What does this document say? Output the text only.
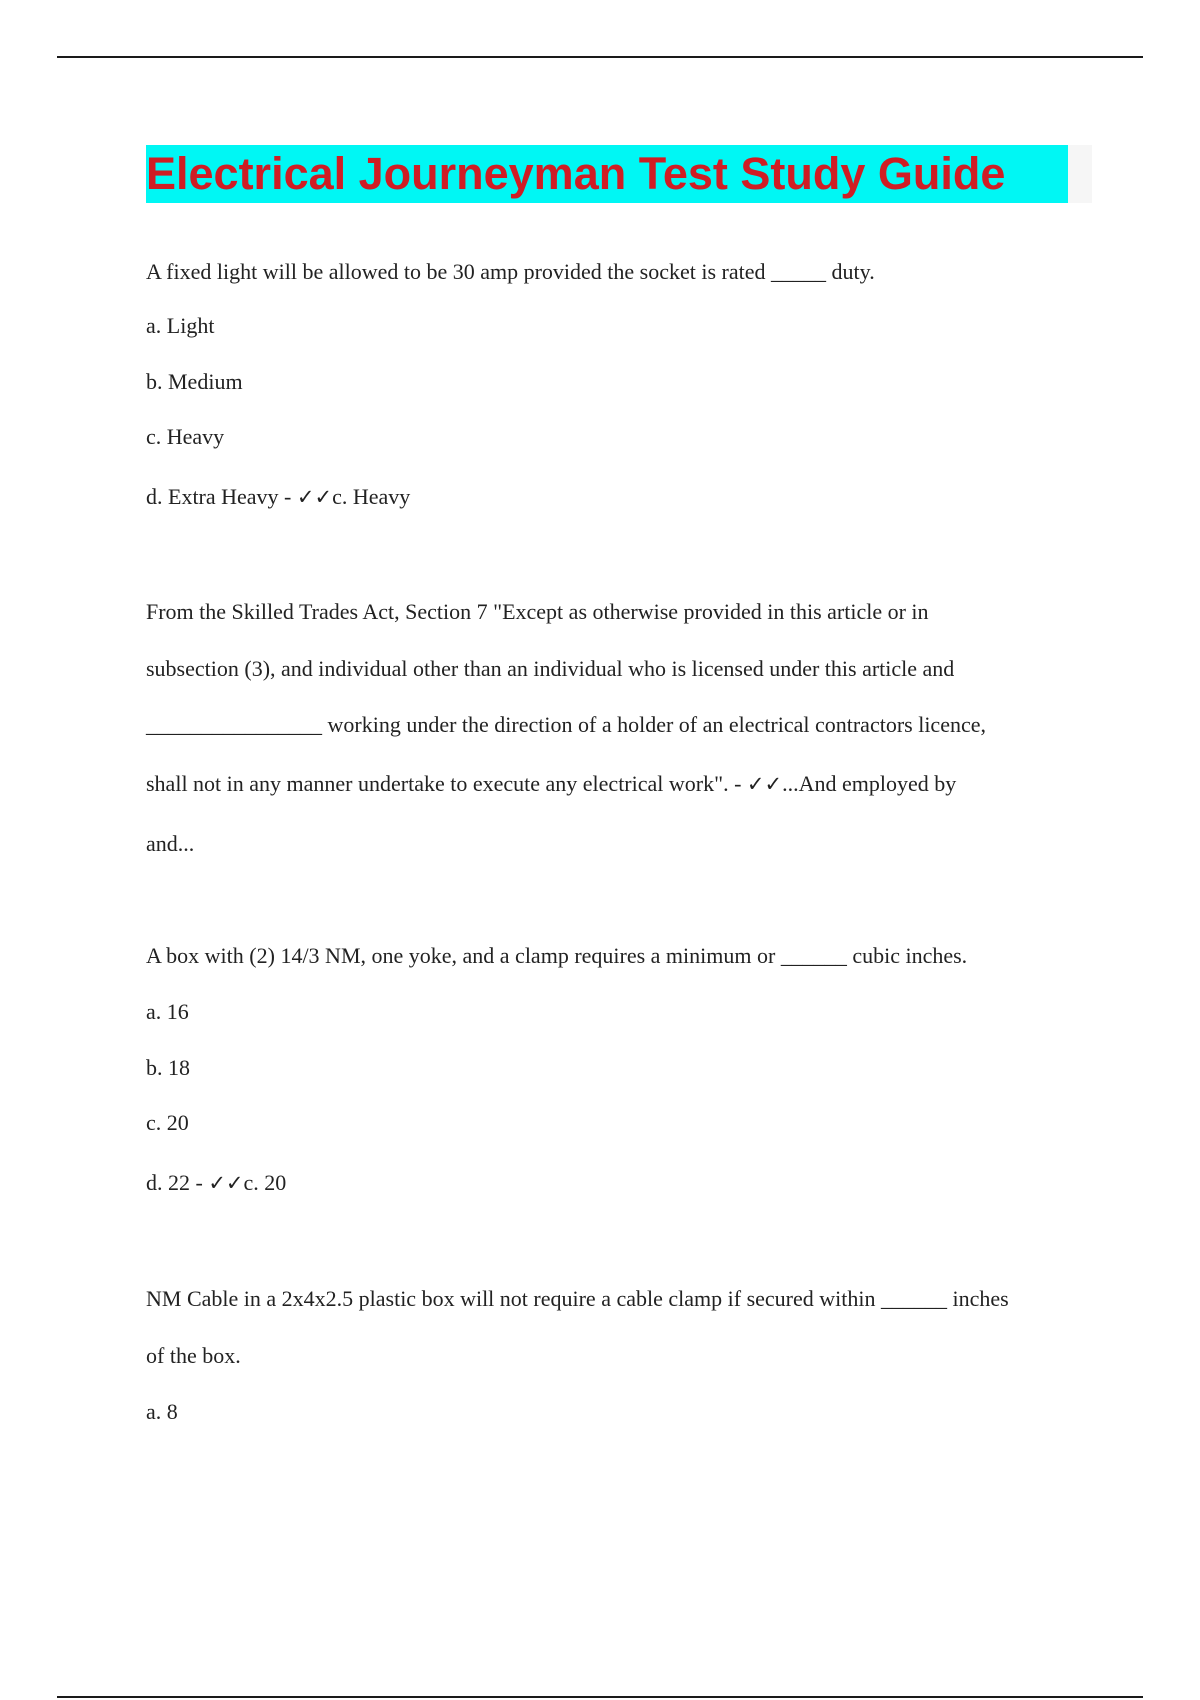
Electrical Journeyman Test Study Guide
A fixed light will be allowed to be 30 amp provided the socket is rated _____ duty.
a. Light
b. Medium
c. Heavy
d. Extra Heavy - ✓✓c. Heavy
From the Skilled Trades Act, Section 7 "Except as otherwise provided in this article or in
subsection (3), and individual other than an individual who is licensed under this article and
________________ working under the direction of a holder of an electrical contractors licence,
shall not in any manner undertake to execute any electrical work". - ✓✓...And employed by
and...
A box with (2) 14/3 NM, one yoke, and a clamp requires a minimum or ______ cubic inches.
a. 16
b. 18
c. 20
d. 22 - ✓✓c. 20
NM Cable in a 2x4x2.5 plastic box will not require a cable clamp if secured within ______ inches
of the box.
a. 8
